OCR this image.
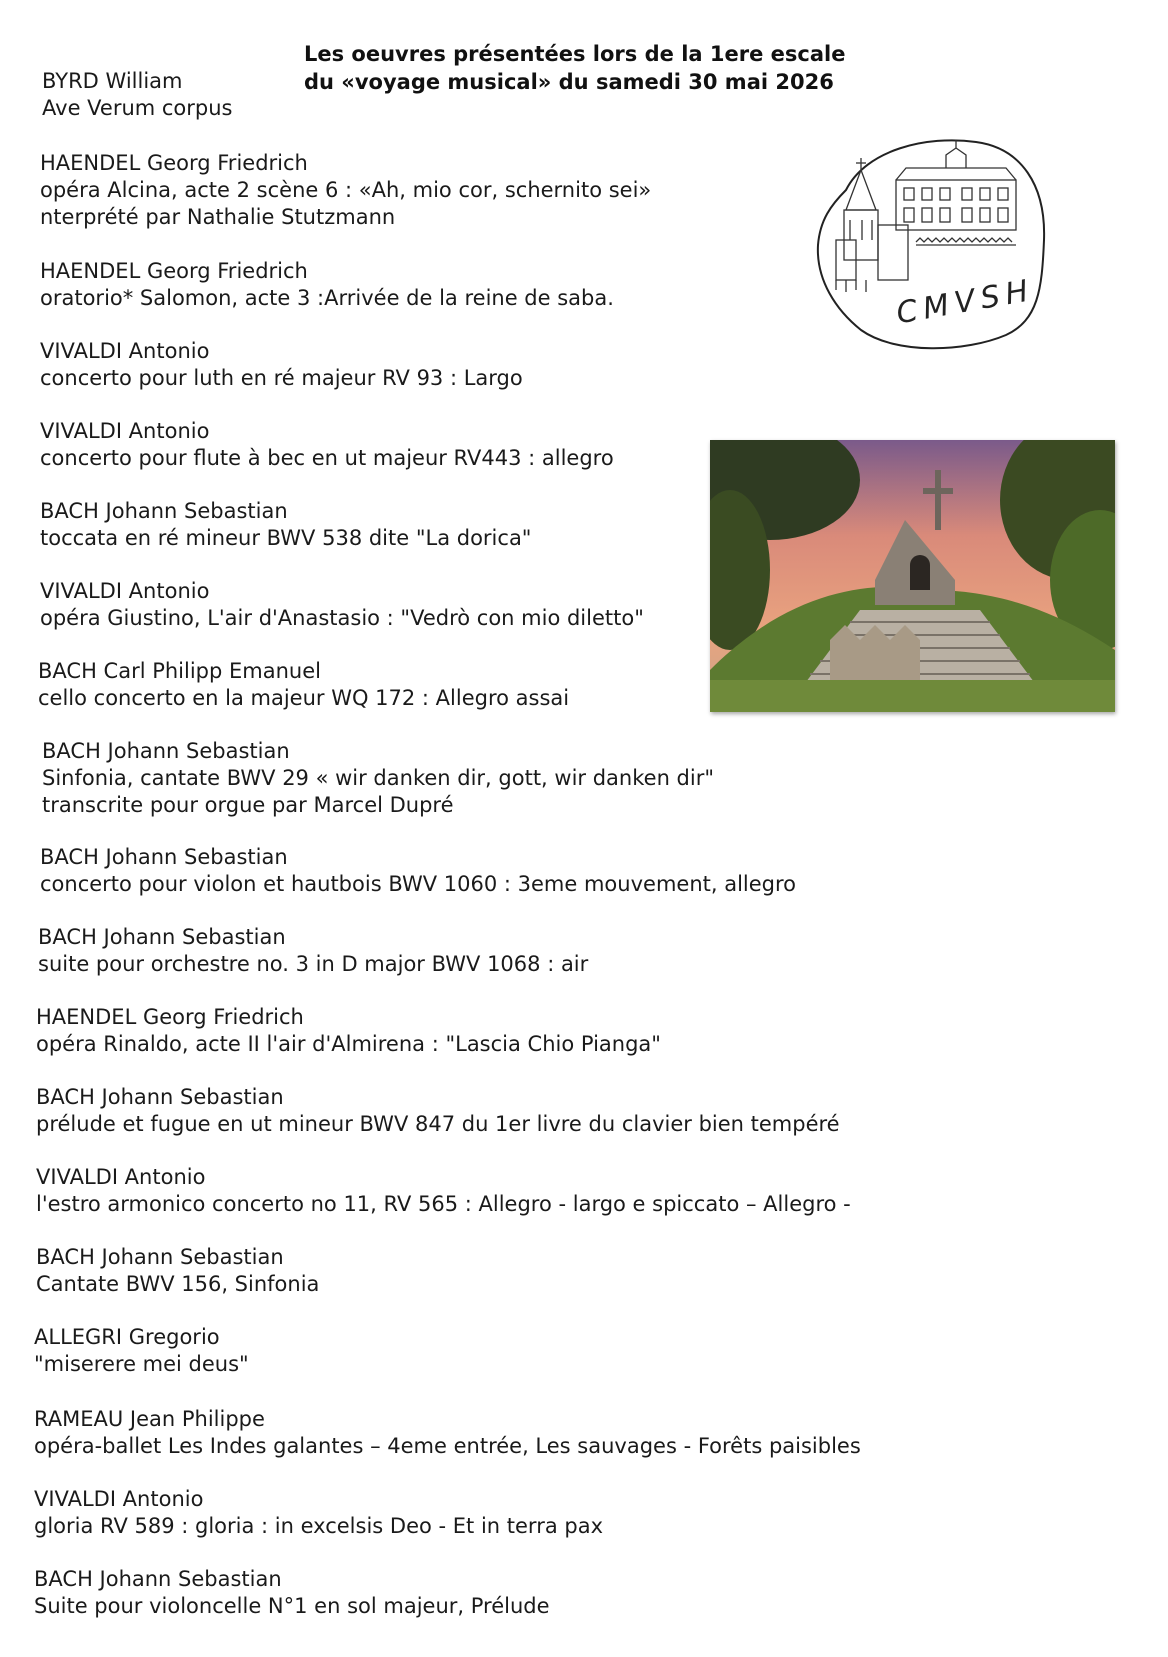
Les oeuvres présentées lors de la 1ere escale
du «voyage musical» du samedi 30 mai 2026
CMVSH
BYRD William
Ave Verum corpus
HAENDEL Georg Friedrich
opéra Alcina, acte 2 scène 6 : «Ah, mio cor, schernito sei»
nterprété par Nathalie Stutzmann
HAENDEL Georg Friedrich
oratorio* Salomon, acte 3 :Arrivée de la reine de saba.
VIVALDI Antonio
concerto pour luth en ré majeur RV 93 : Largo
VIVALDI Antonio
concerto pour flute à bec en ut majeur RV443 : allegro
BACH Johann Sebastian
toccata en ré mineur BWV 538 dite "La dorica"
VIVALDI Antonio
opéra Giustino, L'air d'Anastasio : "Vedrò con mio diletto"
BACH Carl Philipp Emanuel
cello concerto en la majeur WQ 172 : Allegro assai
BACH Johann Sebastian
Sinfonia, cantate BWV 29 « wir danken dir, gott, wir danken dir"
transcrite pour orgue par Marcel Dupré
BACH Johann Sebastian
concerto pour violon et hautbois BWV 1060 : 3eme mouvement, allegro
BACH Johann Sebastian
suite pour orchestre no. 3 in D major BWV 1068 : air
HAENDEL Georg Friedrich
opéra Rinaldo, acte II l'air d'Almirena : "Lascia Chio Pianga"
BACH Johann Sebastian
prélude et fugue en ut mineur BWV 847 du 1er livre du clavier bien tempéré
VIVALDI Antonio
l'estro armonico concerto no 11, RV 565 : Allegro - largo e spiccato – Allegro -
BACH Johann Sebastian
Cantate BWV 156, Sinfonia
ALLEGRI Gregorio
"miserere mei deus"
RAMEAU Jean Philippe
opéra-ballet Les Indes galantes – 4eme entrée, Les sauvages - Forêts paisibles
VIVALDI Antonio
gloria RV 589 : gloria : in excelsis Deo - Et in terra pax
BACH Johann Sebastian
Suite pour violoncelle N°1 en sol majeur, Prélude
